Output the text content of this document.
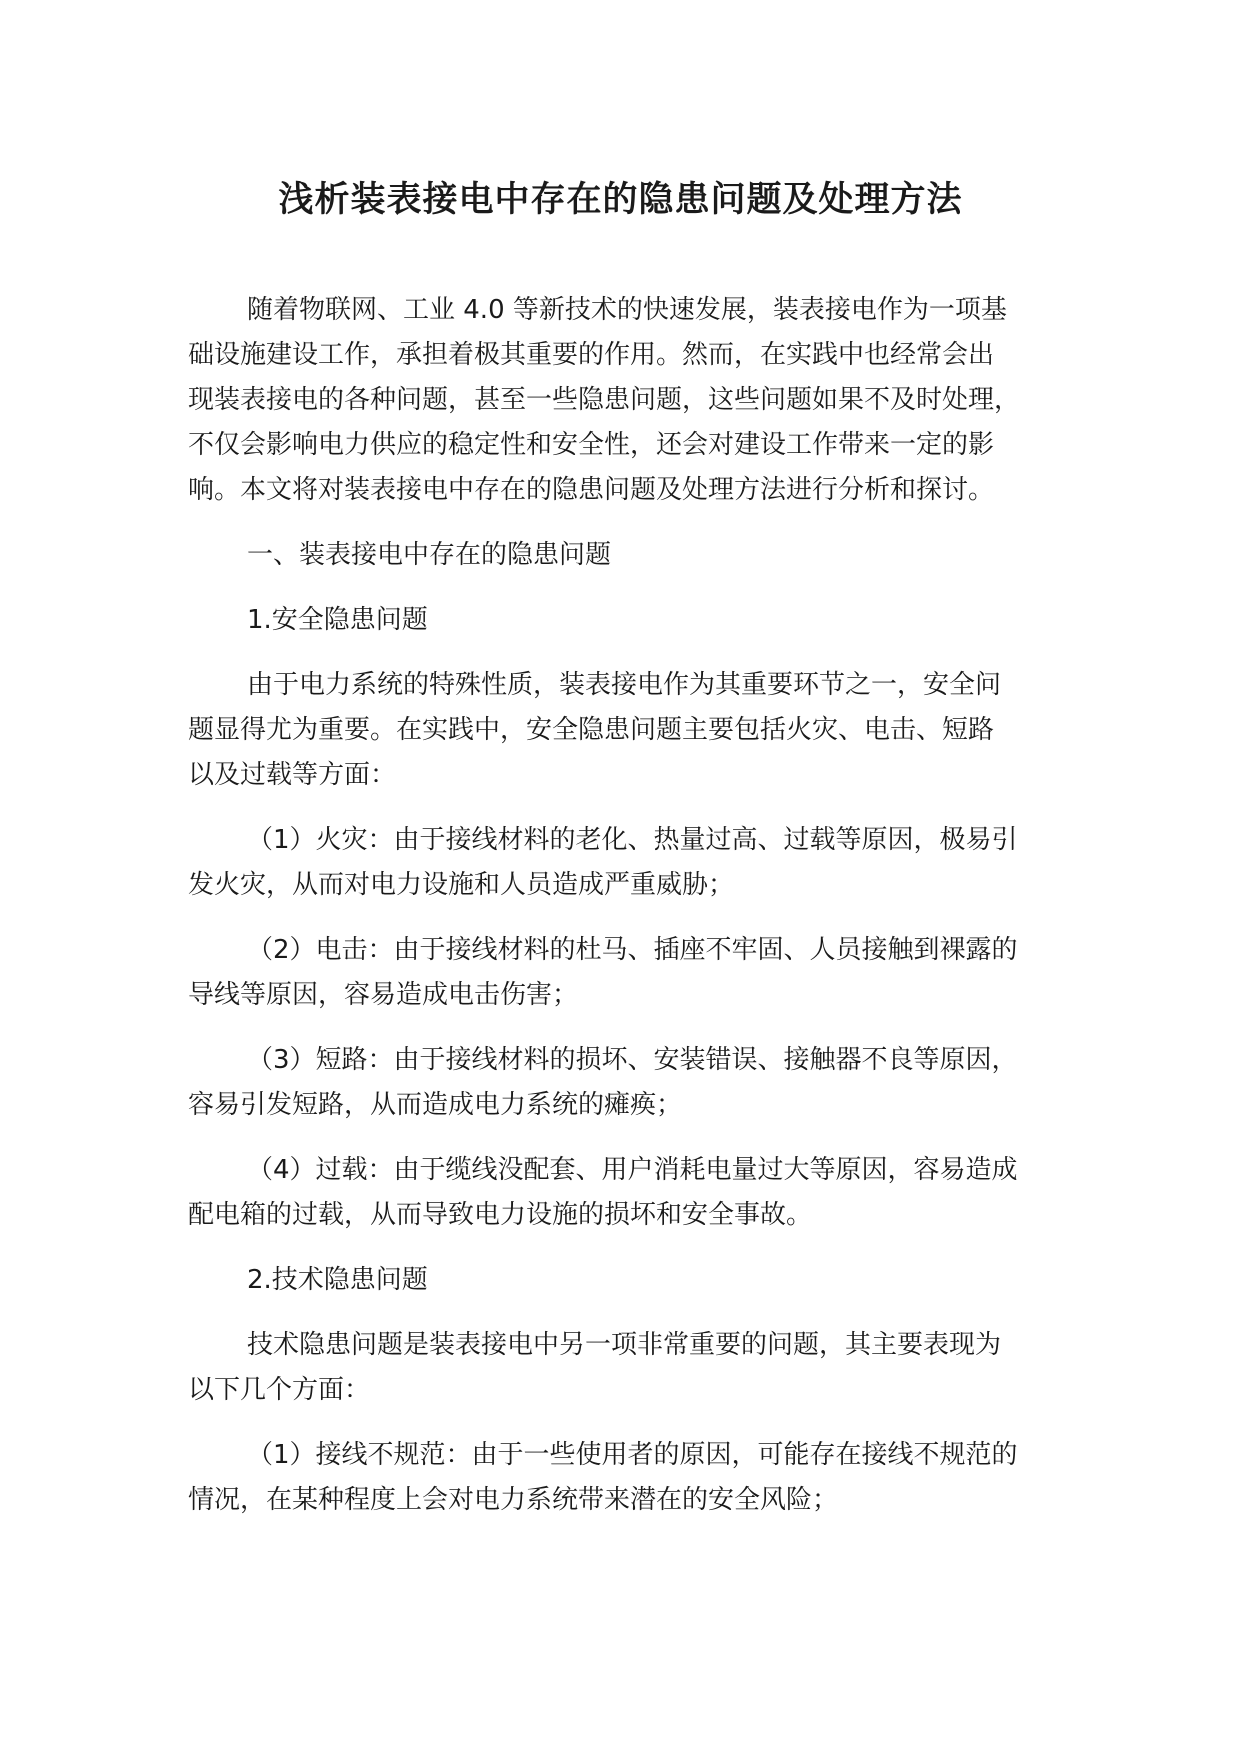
浅析装表接电中存在的隐患问题及处理方法

随着物联网、工业 4.0 等新技术的快速发展，装表接电作为一项基
础设施建设工作，承担着极其重要的作用。然而，在实践中也经常会出
现装表接电的各种问题，甚至一些隐患问题，这些问题如果不及时处理，
不仅会影响电力供应的稳定性和安全性，还会对建设工作带来一定的影
响。本文将对装表接电中存在的隐患问题及处理方法进行分析和探讨。

一、装表接电中存在的隐患问题

1.安全隐患问题

由于电力系统的特殊性质，装表接电作为其重要环节之一，安全问
题显得尤为重要。在实践中，安全隐患问题主要包括火灾、电击、短路
以及过载等方面：

（1）火灾：由于接线材料的老化、热量过高、过载等原因，极易引
发火灾，从而对电力设施和人员造成严重威胁；

（2）电击：由于接线材料的杜马、插座不牢固、人员接触到裸露的
导线等原因，容易造成电击伤害；

（3）短路：由于接线材料的损坏、安装错误、接触器不良等原因，
容易引发短路，从而造成电力系统的瘫痪；

（4）过载：由于缆线没配套、用户消耗电量过大等原因，容易造成
配电箱的过载，从而导致电力设施的损坏和安全事故。

2.技术隐患问题

技术隐患问题是装表接电中另一项非常重要的问题，其主要表现为
以下几个方面：

（1）接线不规范：由于一些使用者的原因，可能存在接线不规范的
情况，在某种程度上会对电力系统带来潜在的安全风险；
